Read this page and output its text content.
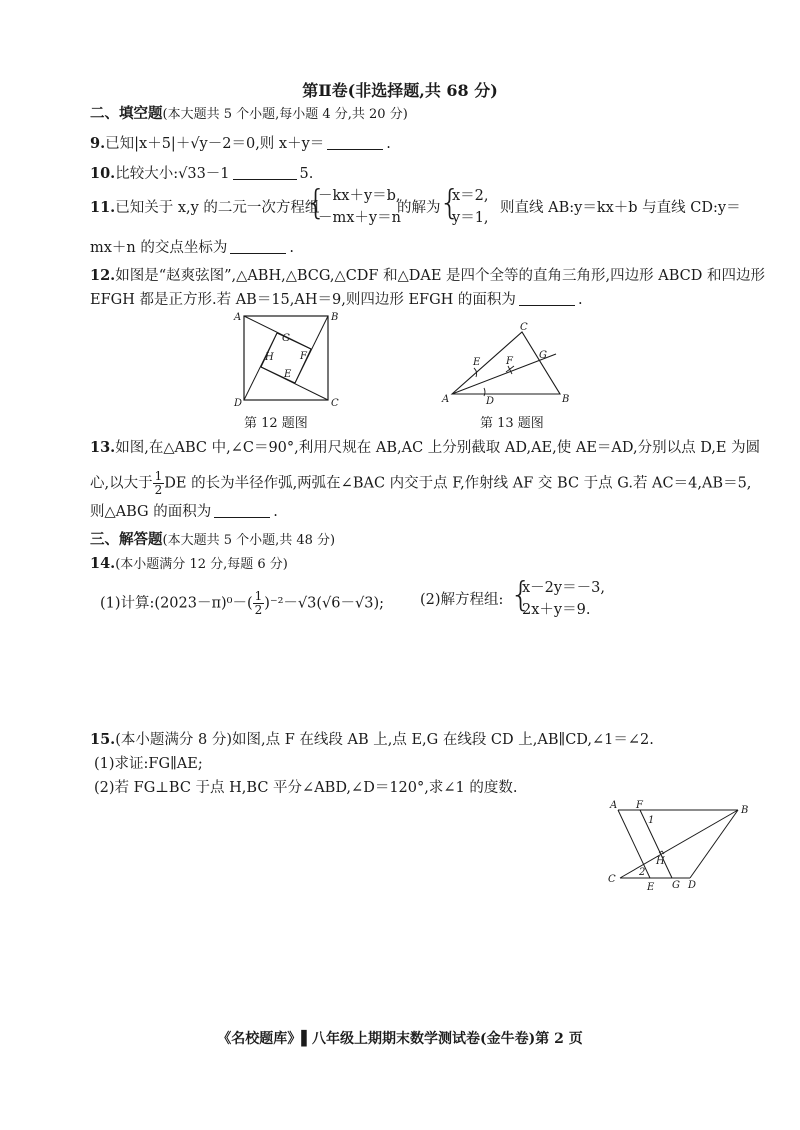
第Ⅱ卷(非选择题,共 68 分)
二、填空题(本大题共 5 个小题,每小题 4 分,共 20 分)
9.已知|x＋5|＋√y－2＝0,则 x＋y＝	.
10.比较大小:√33－1	5.
11.已知关于 x,y 的二元一次方程组
{
－kx＋y＝b,
－mx＋y＝n
的解为
{
x＝2,
y＝1,
则直线 AB:y＝kx＋b 与直线 CD:y＝
mx＋n 的交点坐标为	.
12.如图是“赵爽弦图”,△ABH,△BCG,△CDF 和△DAE 是四个全等的直角三角形,四边形 ABCD 和四边形
EFGH 都是正方形.若 AB＝15,AH＝9,则四边形 EFGH 的面积为	.
A	B
C
D
G
F
H
E
第 12 题图
C
A	B
D
E	F
G
第 13 题图
13.如图,在△ABC 中,∠C＝90°,利用尺规在 AB,AC 上分别截取 AD,AE,使 AE＝AD,分别以点 D,E 为圆
心,以大于 $\frac{1}{2}$ DE 的长为半径作弧,两弧在∠BAC 内交于点 F,作射线 AF 交 BC 于点 G.若 AC＝4,AB＝5,
则△ABG 的面积为	.
三、解答题(本大题共 5 个小题,共 48 分)
14.(本小题满分 12 分,每题 6 分)
(1)计算:(2023－π)⁰－( $\frac{1}{2} )^{-2}-√3(√6-√3)$; (2)解方程组: {
x－2y＝－3,
2x＋y＝9.
15.(本小题满分 8 分)如图,点 F 在线段 AB 上,点 E,G 在线段 CD 上,AB∥CD,∠1＝∠2.
(1)求证:FG∥AE;
(2)若 FG⊥BC 于点 H,BC 平分∠ABD,∠D＝120°,求∠1 的度数.
A F	B
1
H
2
C
E G D
《名校题库》▌八年级上期期末数学测试卷(金牛卷)第 2 页
